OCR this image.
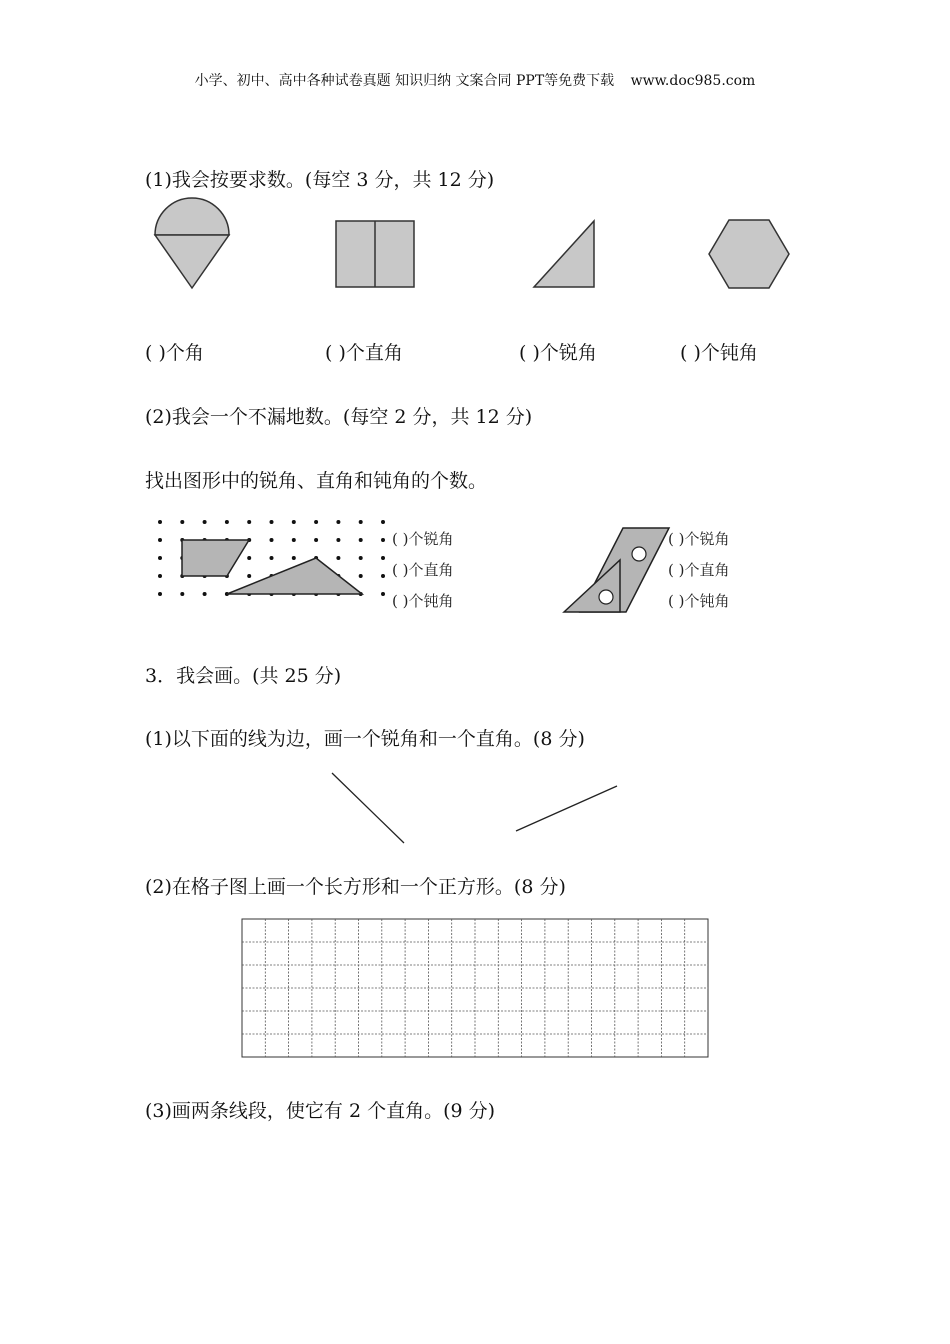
小学、初中、高中各种试卷真题 知识归纳 文案合同 PPT等免费下载 www.doc985.com
(1)我会按要求数。(每空 3 分，共 12 分)
( )个角	( )个直角	( )个锐角	( )个钝角
(2)我会一个不漏地数。(每空 2 分，共 12 分)
找出图形中的锐角、直角和钝角的个数。
( )个锐角
( )个直角
( )个钝角
( )个锐角
( )个直角
( )个钝角
3．我会画。(共 25 分)
(1)以下面的线为边，画一个锐角和一个直角。(8 分)
(2)在格子图上画一个长方形和一个正方形。(8 分)
(3)画两条线段，使它有 2 个直角。(9 分)
